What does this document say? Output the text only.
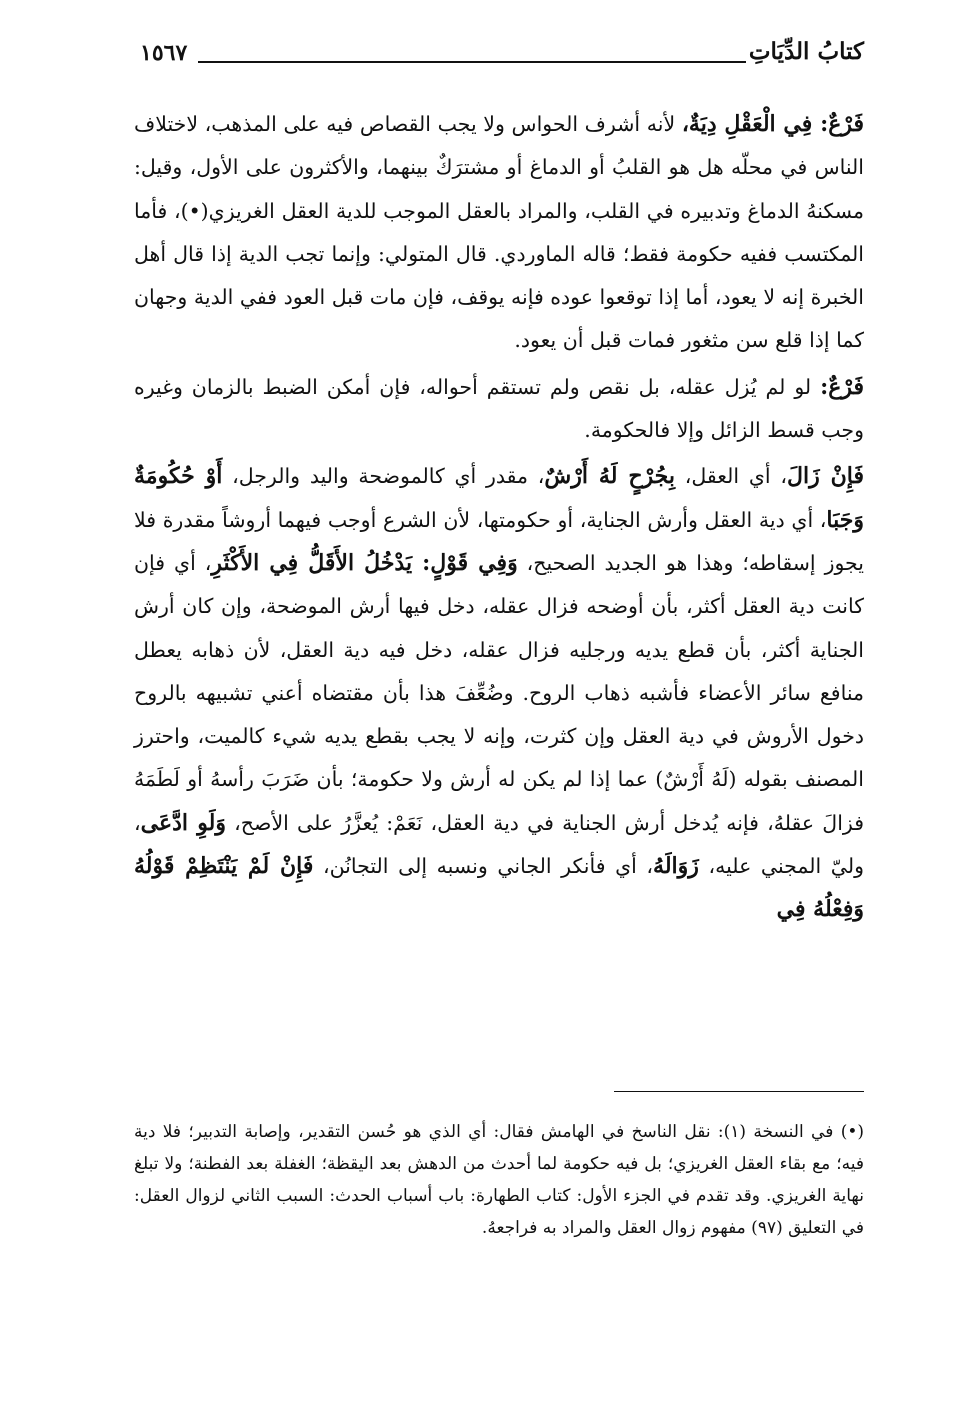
كتابُ الدِّيَاتِ
١٥٦٧

فَرْعٌ: فِي الْعَقْلِ دِيَةٌ، لأنه أشرف الحواس ولا يجب القصاص فيه على المذهب، لاختلاف الناس في محلّه هل هو القلبُ أو الدماغ أو مشترَكٌ بينهما، والأكثرون على الأول، وقيل: مسكنهُ الدماغ وتدبيره في القلب، والمراد بالعقل الموجب للدية العقل الغريزي(•)، فأما المكتسب ففيه حكومة فقط؛ قاله الماوردي. قال المتولي: وإنما تجب الدية إذا قال أهل الخبرة إنه لا يعود، أما إذا توقعوا عوده فإنه يوقف، فإن مات قبل العود ففي الدية وجهان كما إذا قلع سن مثغور فمات قبل أن يعود.

فَرْعٌ: لو لم يُزل عقله، بل نقص ولم تستقم أحواله، فإن أمكن الضبط بالزمان وغيره وجب قسط الزائل وإلا فالحكومة.

فَإِنْ زَالَ، أي العقل، بِجُرْحٍ لَهُ أَرْشٌ، مقدر أي كالموضحة واليد والرجل، أَوْ حُكُومَةٌ وَجَبَا، أي دية العقل وأرش الجناية، أو حكومتها، لأن الشرع أوجب فيهما أروشاً مقدرة فلا يجوز إسقاطه؛ وهذا هو الجديد الصحيح، وَفِي قَوْلٍ: يَدْخُلُ الأَقَلُّ فِي الأَكْثَرِ، أي فإن كانت دية العقل أكثر، بأن أوضحه فزال عقله، دخل فيها أرش الموضحة، وإن كان أرش الجناية أكثر، بأن قطع يديه ورجليه فزال عقله، دخل فيه دية العقل، لأن ذهابه يعطل منافع سائر الأعضاء فأشبه ذهاب الروح. وضُعِّفَ هذا بأن مقتضاه أعني تشبيهه بالروح دخول الأروش في دية العقل وإن كثرت، وإنه لا يجب بقطع يديه شيء كالميت، واحترز المصنف بقوله (لَهُ أَرْشٌ) عما إذا لم يكن له أرش ولا حكومة؛ بأن ضَرَبَ رأسهُ أو لَطَمَهُ فزالَ عقلهُ، فإنه يُدخل أرش الجناية في دية العقل، نَعَمْ: يُعزَّرُ على الأصح، وَلَوِ ادَّعَى، وليّ المجني عليه، زَوَالَهُ، أي فأنكر الجاني ونسبه إلى التجانُن، فَإِنْ لَمْ يَنْتَظِمْ قَوْلُهُ وَفِعْلُهُ فِي

(•) في النسخة (١): نقل الناسخ في الهامش فقال: أي الذي هو حُسن التقدير، وإصابة التدبير؛ فلا دية فيه؛ مع بقاء العقل الغريزي؛ بل فيه حكومة لما أحدث من الدهش بعد اليقظة؛ الغفلة بعد الفطنة؛ ولا تبلغ نهاية الغريزي. وقد تقدم في الجزء الأول: كتاب الطهارة: باب أسباب الحدث: السبب الثاني لزوال العقل: في التعليق (٩٧) مفهوم زوال العقل والمراد به فراجعهُ.
